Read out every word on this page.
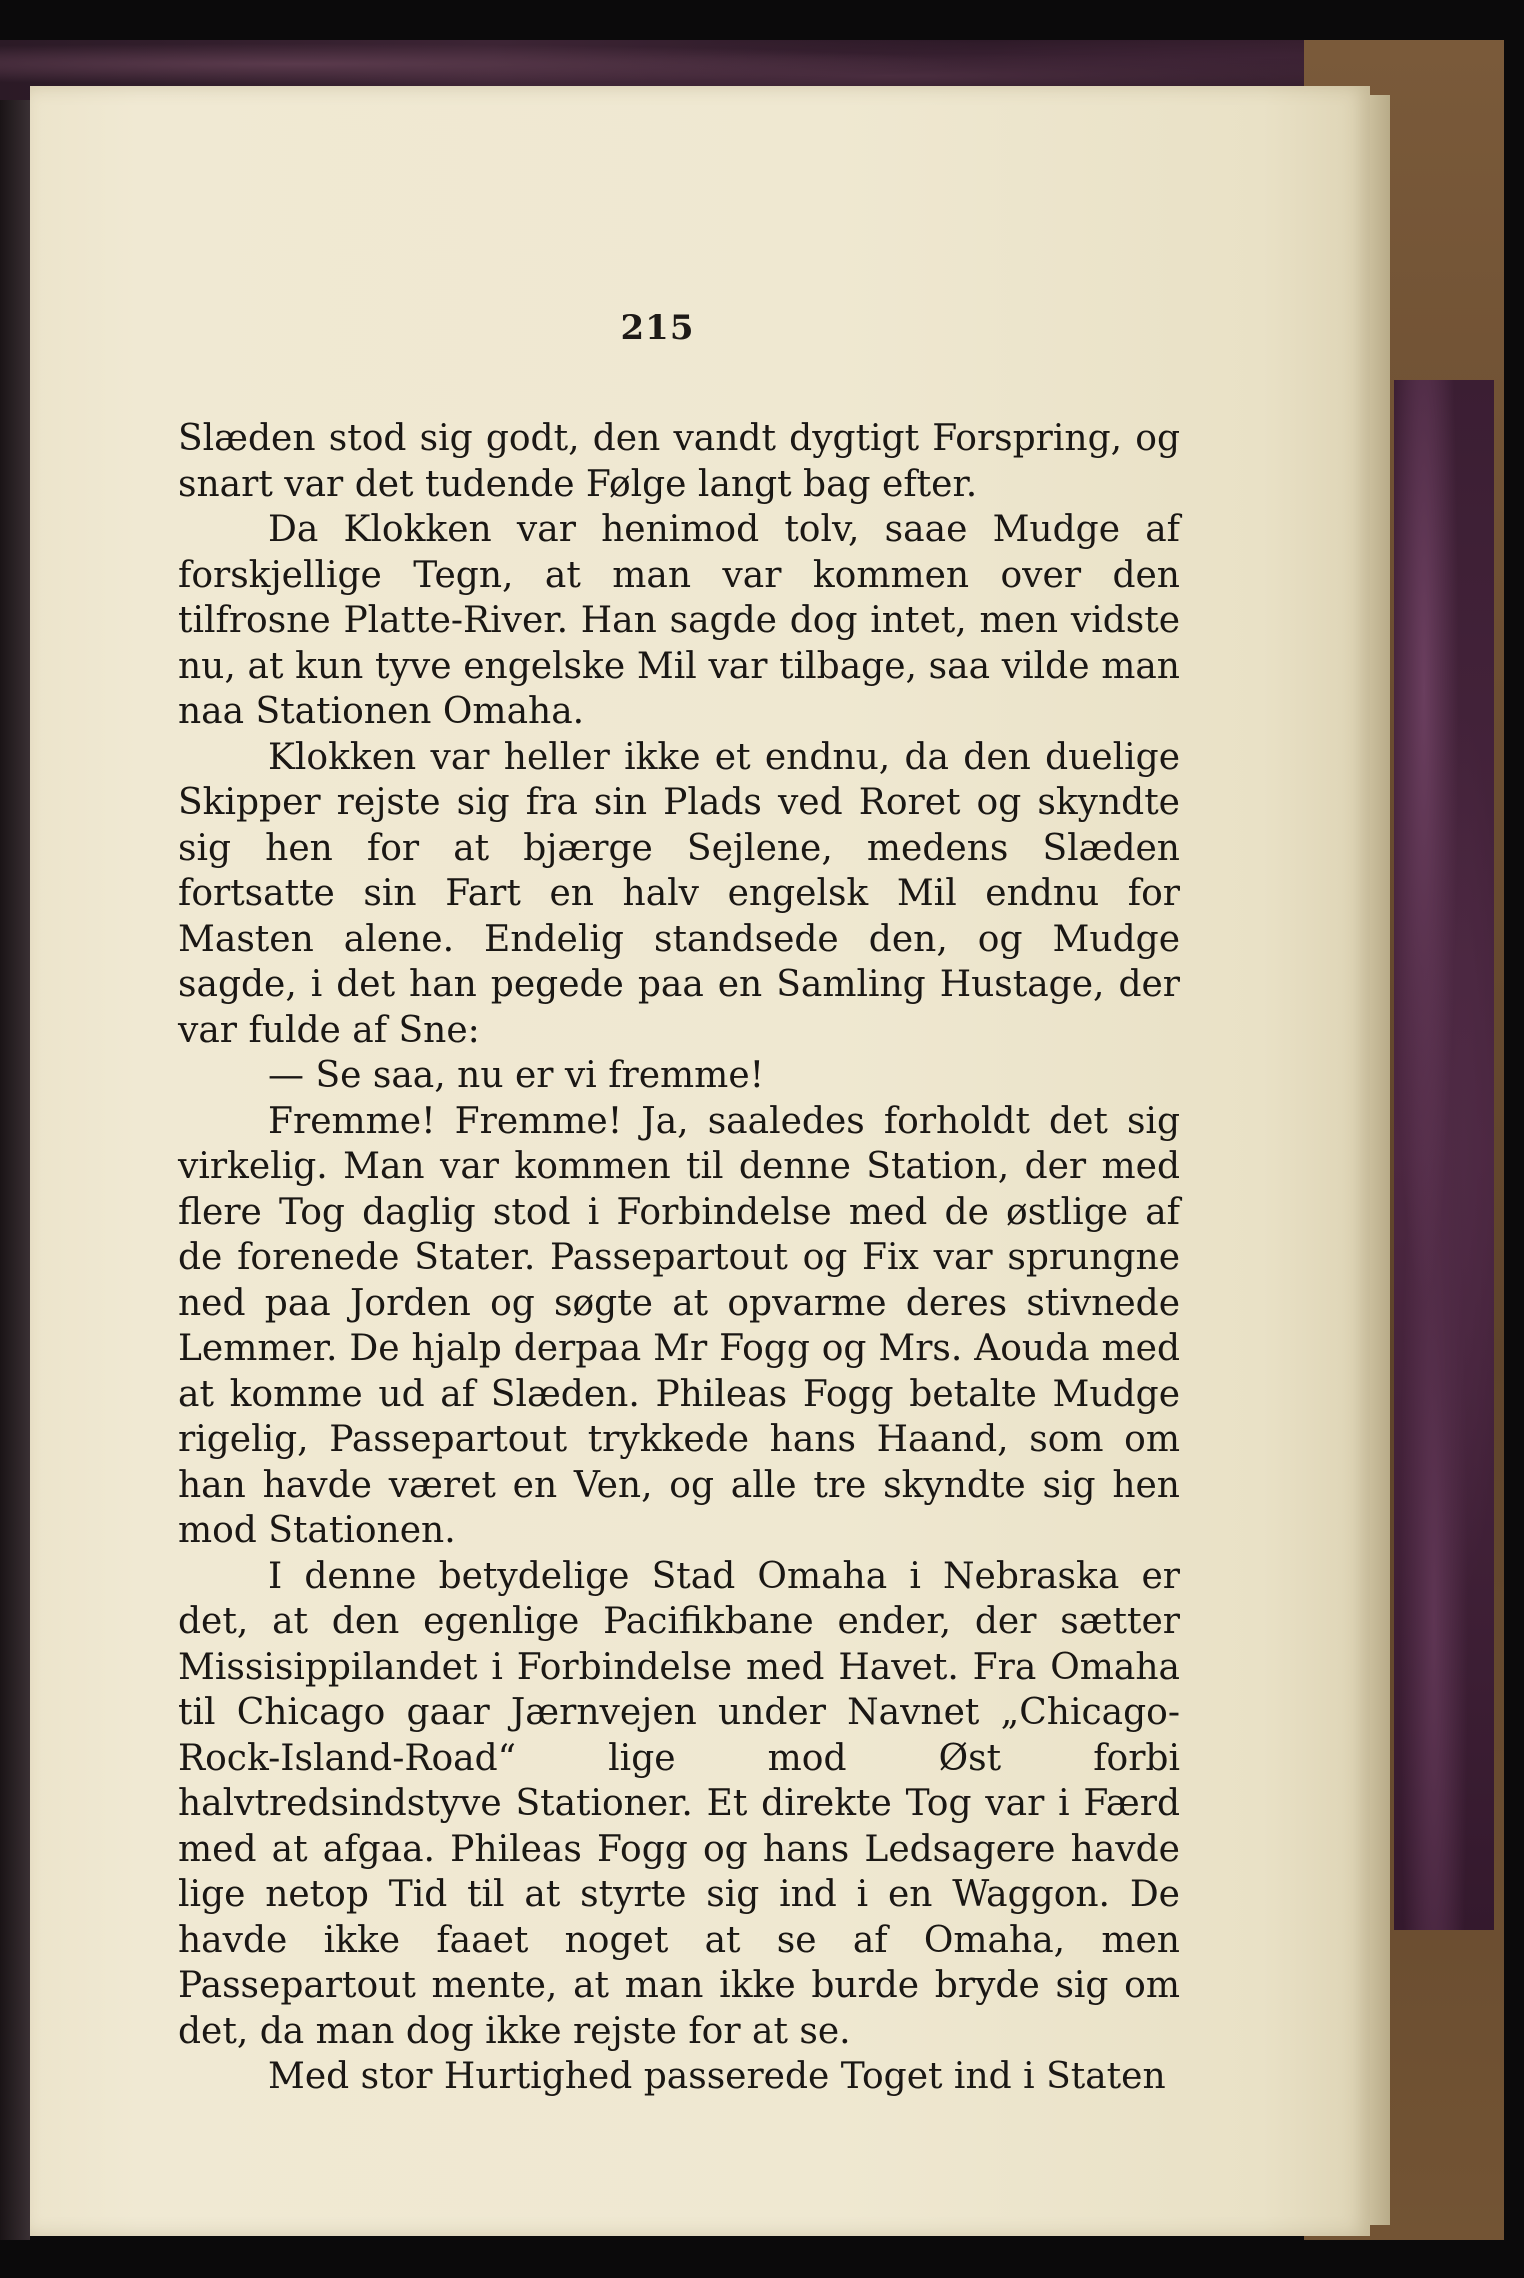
215

Slæden stod sig godt, den vandt dygtigt Forspring, og snart var det tudende Følge langt bag efter.

Da Klokken var henimod tolv, saae Mudge af forskjellige Tegn, at man var kommen over den tilfrosne Platte-River. Han sagde dog intet, men vidste nu, at kun tyve engelske Mil var tilbage, saa vilde man naa Stationen Omaha.

Klokken var heller ikke et endnu, da den duelige Skipper rejste sig fra sin Plads ved Roret og skyndte sig hen for at bjærge Sejlene, medens Slæden fortsatte sin Fart en halv engelsk Mil endnu for Masten alene. Endelig standsede den, og Mudge sagde, i det han pegede paa en Samling Hustage, der var fulde af Sne:

— Se saa, nu er vi fremme!

Fremme! Fremme! Ja, saaledes forholdt det sig virkelig. Man var kommen til denne Station, der med flere Tog daglig stod i Forbindelse med de østlige af de forenede Stater. Passepartout og Fix var sprungne ned paa Jorden og søgte at opvarme deres stivnede Lemmer. De hjalp derpaa Mr Fogg og Mrs. Aouda med at komme ud af Slæden. Phileas Fogg betalte Mudge rigelig, Passepartout trykkede hans Haand, som om han havde været en Ven, og alle tre skyndte sig hen mod Stationen.

I denne betydelige Stad Omaha i Nebraska er det, at den egenlige Pacifikbane ender, der sætter Missisippilandet i Forbindelse med Havet. Fra Omaha til Chicago gaar Jærnvejen under Navnet „Chicago-Rock-Island-Road“ lige mod Øst forbi halvtredsindstyve Stationer. Et direkte Tog var i Færd med at afgaa. Phileas Fogg og hans Ledsagere havde lige netop Tid til at styrte sig ind i en Waggon. De havde ikke faaet noget at se af Omaha, men Passepartout mente, at man ikke burde bryde sig om det, da man dog ikke rejste for at se.

Med stor Hurtighed passerede Toget ind i Staten
